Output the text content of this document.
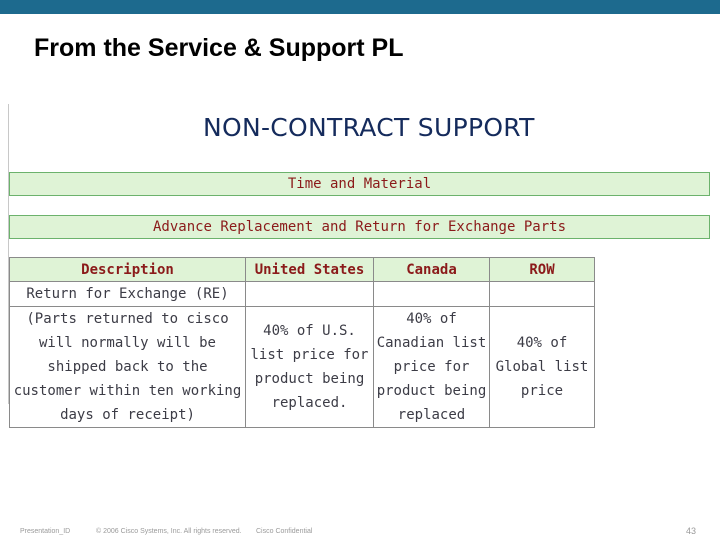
From the Service & Support PL
NON-CONTRACT SUPPORT
Time and Material
Advance Replacement and Return for Exchange Parts
Description	United States	Canada	ROW
Return for Exchange (RE)			
(Parts returned to cisco will normally will be shipped back to the customer within ten working days of receipt)	40% of U.S. list price for product being replaced.	40% of Canadian list price for product being replaced	40% of Global list price
Presentation_ID	© 2006 Cisco Systems, Inc. All rights reserved. Cisco Confidential	43
